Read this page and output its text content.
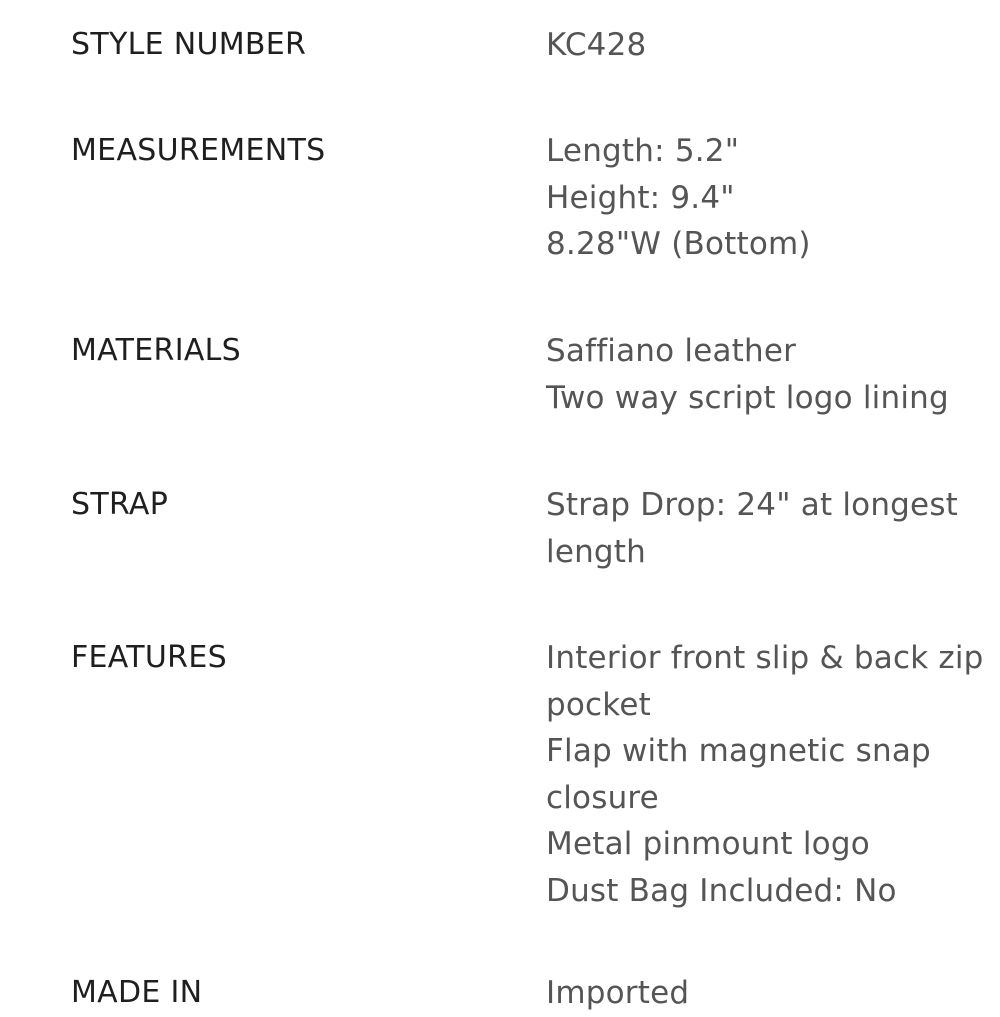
STYLE NUMBER	KC428
MEASUREMENTS	Length: 5.2"
Height: 9.4"
8.28"W (Bottom)
MATERIALS	Saffiano leather
Two way script logo lining
STRAP	Strap Drop: 24" at longest
length
FEATURES	Interior front slip & back zip
pocket
Flap with magnetic snap
closure
Metal pinmount logo
Dust Bag Included: No
MADE IN	Imported
